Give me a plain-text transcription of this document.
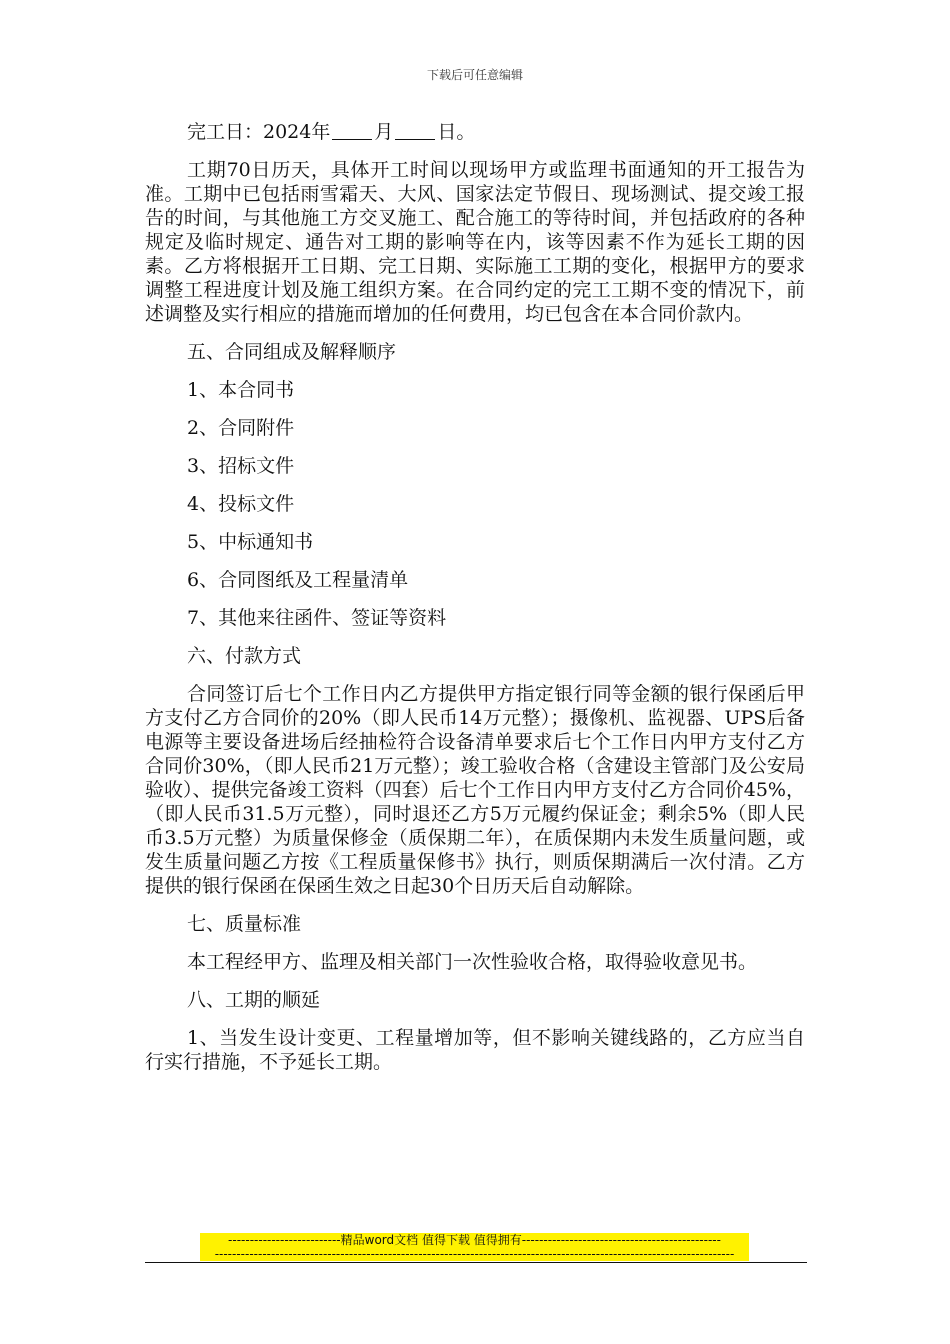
下载后可任意编辑

完工日：2024年 月 日。

工期70日历天，具体开工时间以现场甲方或监理书面通知的开工报告为准。工期中已包括雨雪霜天、大风、国家法定节假日、现场测试、提交竣工报告的时间，与其他施工方交叉施工、配合施工的等待时间，并包括政府的各种规定及临时规定、通告对工期的影响等在内，该等因素不作为延长工期的因素。乙方将根据开工日期、完工日期、实际施工工期的变化，根据甲方的要求调整工程进度计划及施工组织方案。在合同约定的完工工期不变的情况下，前述调整及实行相应的措施而增加的任何费用，均已包含在本合同价款内。

五、合同组成及解释顺序

1、本合同书

2、合同附件

3、招标文件

4、投标文件

5、中标通知书

6、合同图纸及工程量清单

7、其他来往函件、签证等资料

六、付款方式

合同签订后七个工作日内乙方提供甲方指定银行同等金额的银行保函后甲方支付乙方合同价的20%（即人民币14万元整）；摄像机、监视器、UPS后备电源等主要设备进场后经抽检符合设备清单要求后七个工作日内甲方支付乙方合同价30%，（即人民币21万元整）；竣工验收合格（含建设主管部门及公安局验收）、提供完备竣工资料（四套）后七个工作日内甲方支付乙方合同价45%，（即人民币31.5万元整），同时退还乙方5万元履约保证金；剩余5%（即人民币3.5万元整）为质量保修金（质保期二年），在质保期内未发生质量问题，或发生质量问题乙方按《工程质量保修书》执行，则质保期满后一次付清。乙方提供的银行保函在保函生效之日起30个日历天后自动解除。

七、质量标准

本工程经甲方、监理及相关部门一次性验收合格，取得验收意见书。

八、工期的顺延

1、当发生设计变更、工程量增加等，但不影响关键线路的，乙方应当自行实行措施，不予延长工期。

--------------------------精品word文档 值得下载 值得拥有----------------------------------------------
------------------------------------------------------------------------------------------------------------------------
